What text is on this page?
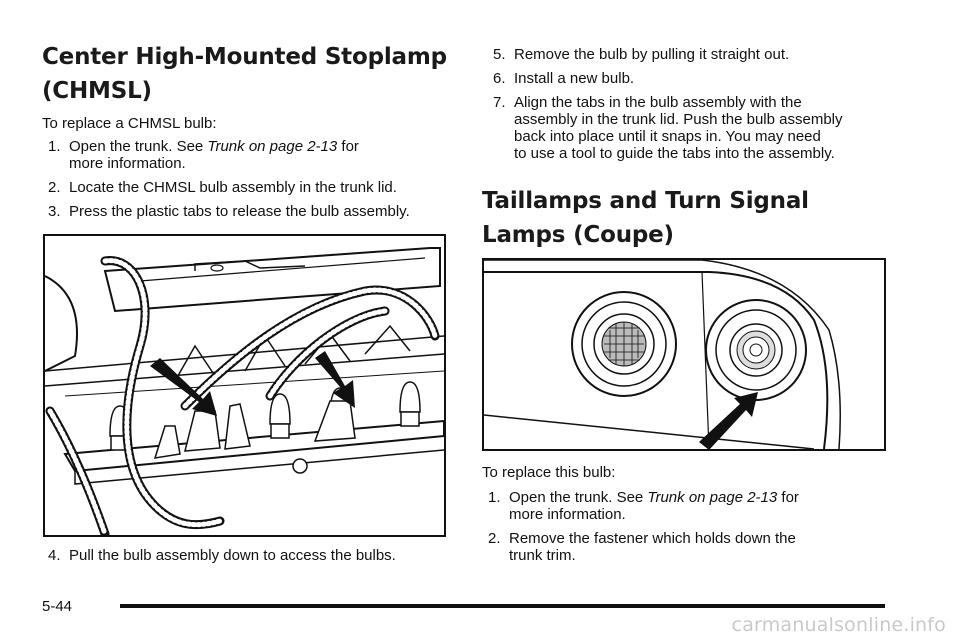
Center High-Mounted Stoplamp
(CHMSL)

To replace a CHMSL bulb:

1. Open the trunk. See Trunk on page 2-13 for
more information.
2. Locate the CHMSL bulb assembly in the trunk lid.
3. Press the plastic tabs to release the bulb assembly.
4. Pull the bulb assembly down to access the bulbs.
5. Remove the bulb by pulling it straight out.
6. Install a new bulb.
7. Align the tabs in the bulb assembly with the
assembly in the trunk lid. Push the bulb assembly
back into place until it snaps in. You may need
to use a tool to guide the tabs into the assembly.
Taillamps and Turn Signal
Lamps (Coupe)

To replace this bulb:

1. Open the trunk. See Trunk on page 2-13 for
more information.
2. Remove the fastener which holds down the
trunk trim.
5-44
carmanualsonline.info
